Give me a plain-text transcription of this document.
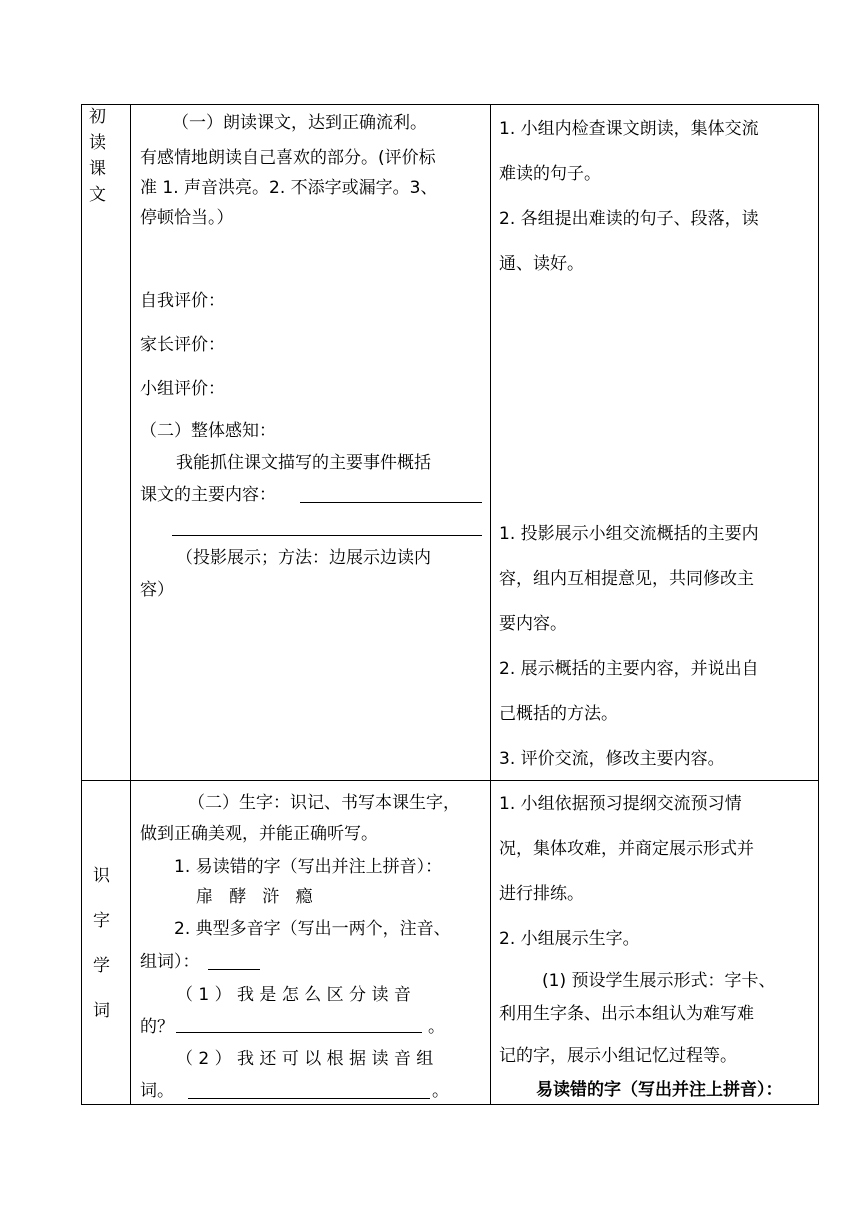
初
读
课
文
（一）朗读课文，达到正确流利。
有感情地朗读自己喜欢的部分。(评价标
准 1. 声音洪亮。2. 不添字或漏字。3、
停顿恰当。）
自我评价：
家长评价：
小组评价：
（二）整体感知：
我能抓住课文描写的主要事件概括
课文的主要内容：
（投影展示；方法：边展示边读内
容）
1. 小组内检查课文朗读，集体交流
难读的句子。
2. 各组提出难读的句子、段落，读
通、读好。
1. 投影展示小组交流概括的主要内
容，组内互相提意见，共同修改主
要内容。
2. 展示概括的主要内容，并说出自
己概括的方法。
3. 评价交流，修改主要内容。
识
字
学
词
（二）生字：识记、书写本课生字，
做到正确美观，并能正确听写。
1. 易读错的字（写出并注上拼音）：
扉   酵   浒   瘾
2. 典型多音字（写出一两个，注音、
组词）：
（ 1 ） 我 是 怎 么 区 分 读 音
的？	。
（ 2 ） 我 还 可 以 根 据 读 音 组
词。	。
1. 小组依据预习提纲交流预习情
况，集体攻难，并商定展示形式并
进行排练。
2. 小组展示生字。
(1) 预设学生展示形式：字卡、
利用生字条、出示本组认为难写难
记的字，展示小组记忆过程等。
易读错的字（写出并注上拼音）：
